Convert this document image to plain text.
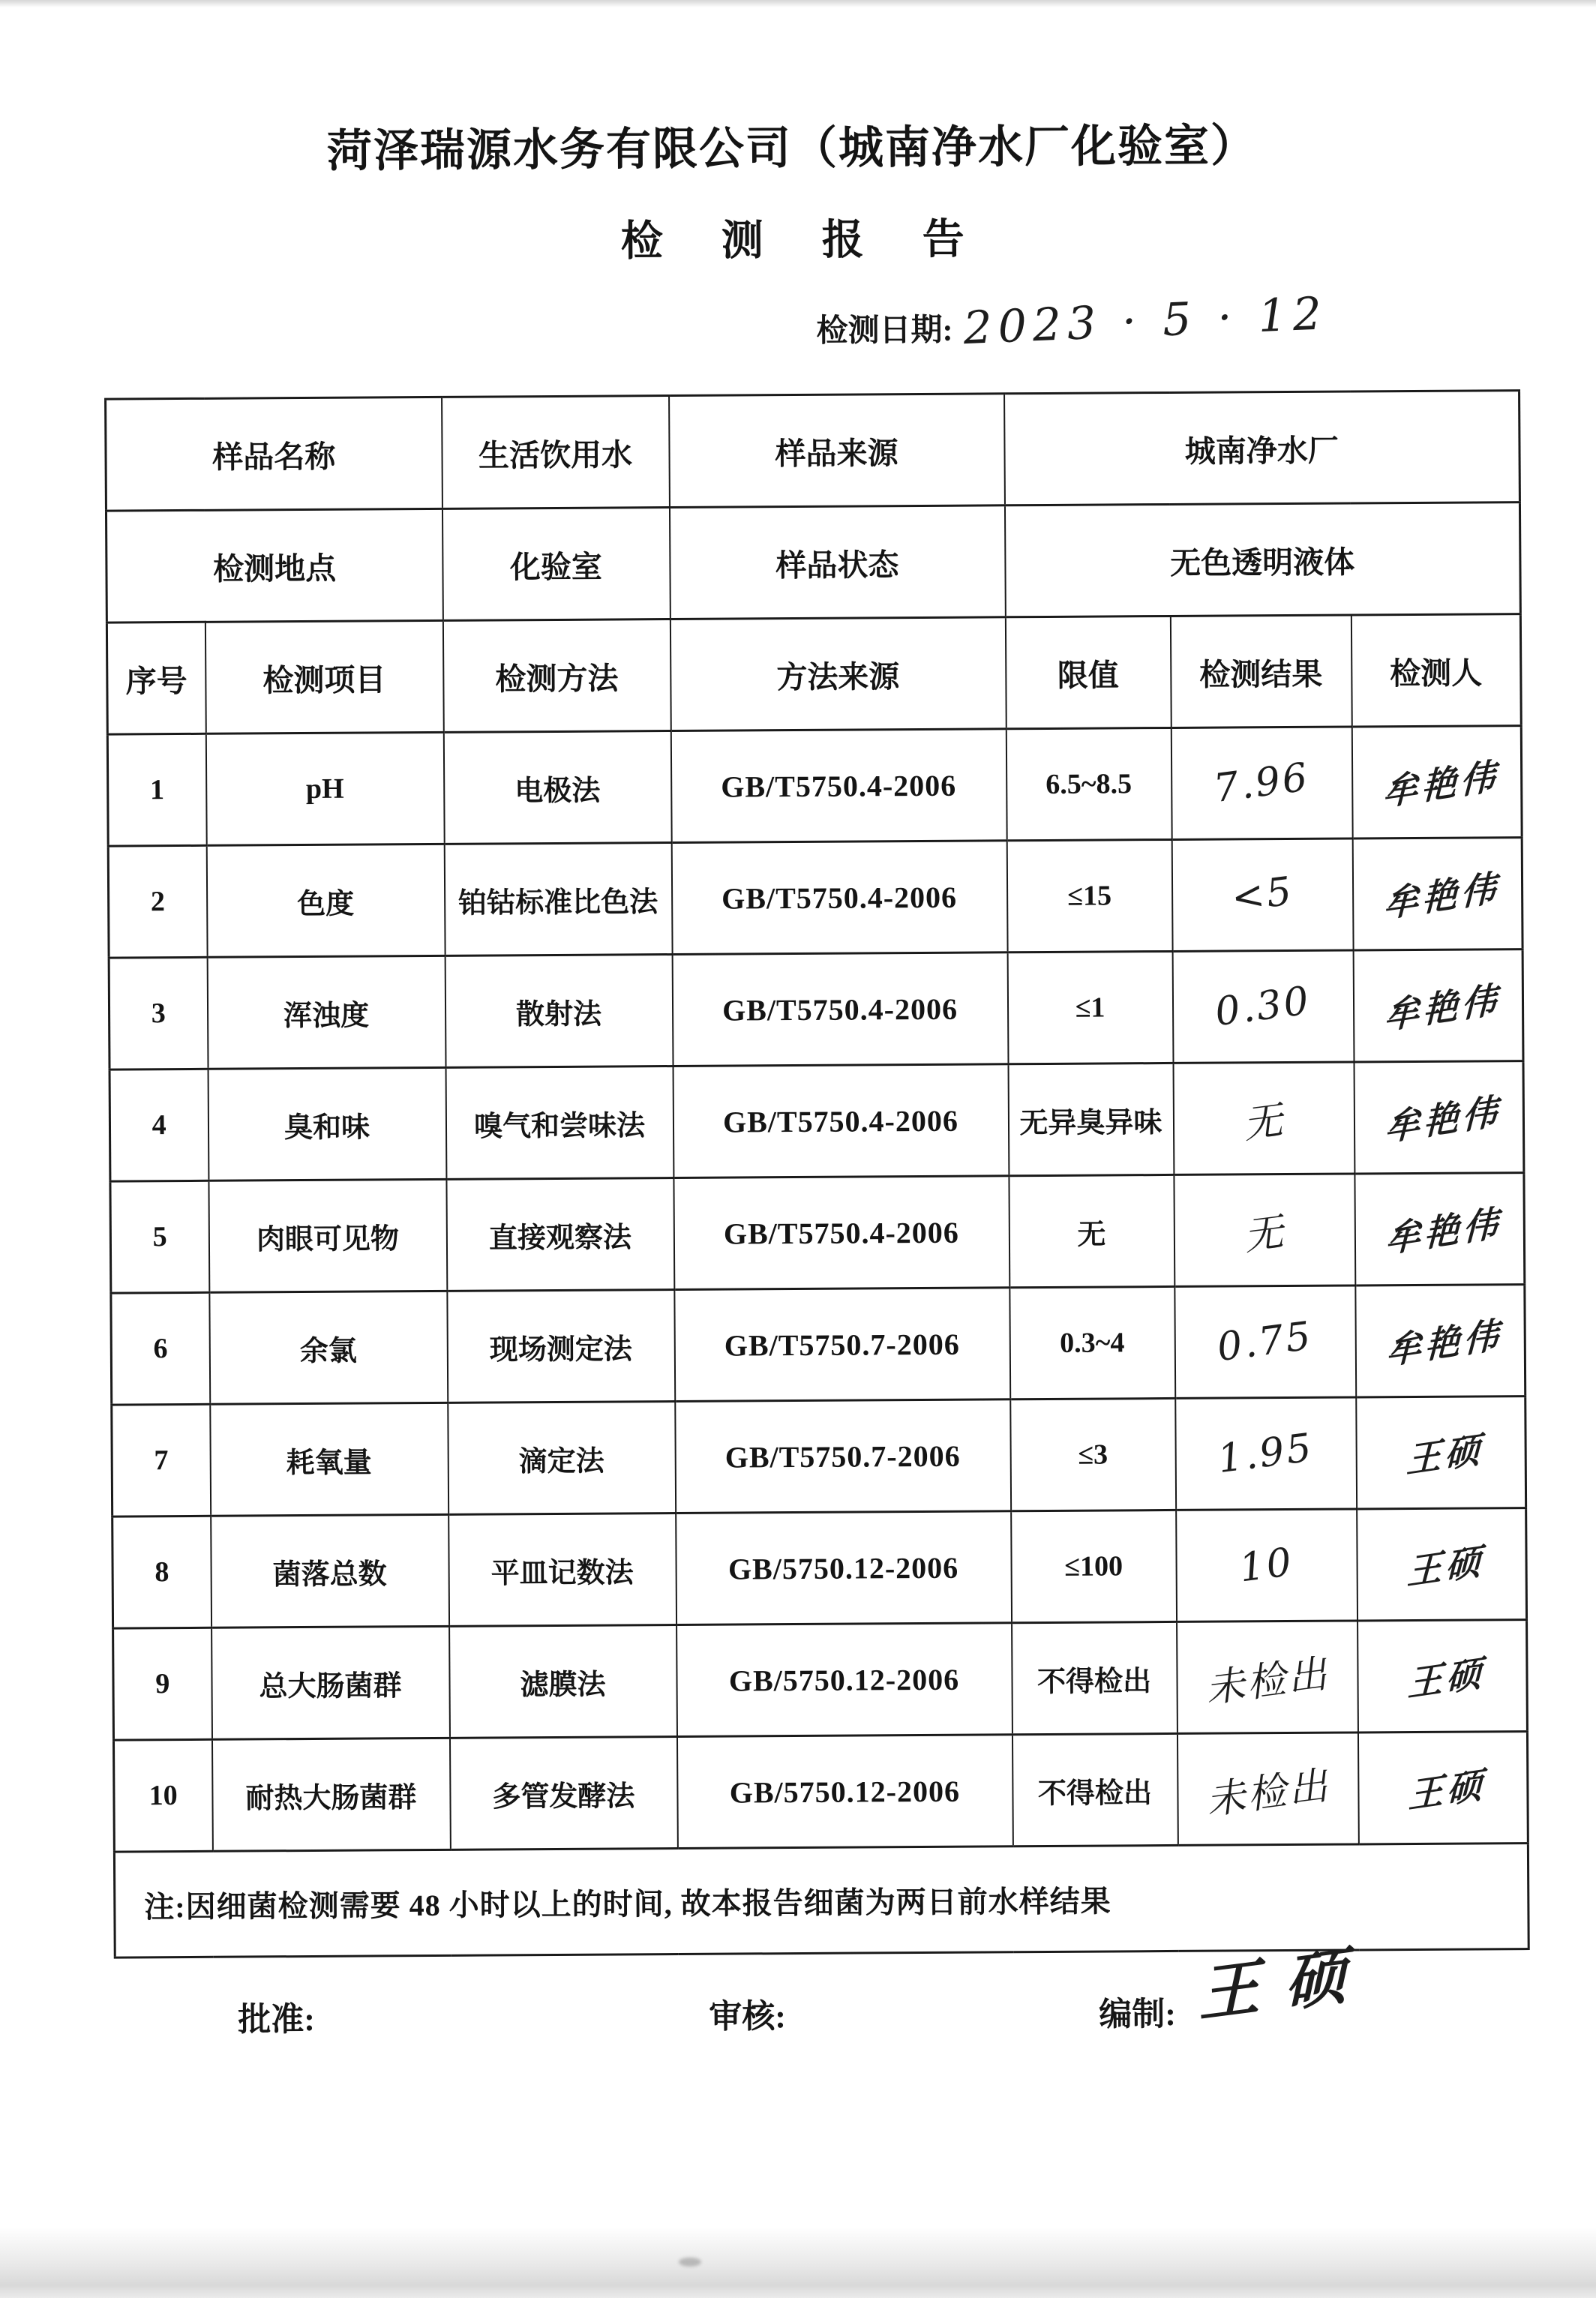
菏泽瑞源水务有限公司（城南净水厂化验室）
检测报告
检测日期: 2023 · 5 · 12
样品名称		生活饮用水	样品来源	城南净水厂		
检测地点		化验室	样品状态	无色透明液体		
序号	检测项目	检测方法	方法来源	限值	检测结果	检测人
1	pH	电极法	GB/T5750.4-2006	6.5~8.5	7.96	牟艳伟
2	色度	铂钴标准比色法	GB/T5750.4-2006	≤15	<5	牟艳伟
3	浑浊度	散射法	GB/T5750.4-2006	≤1	0.30	牟艳伟
4	臭和味	嗅气和尝味法	GB/T5750.4-2006	无异臭异味	无	牟艳伟
5	肉眼可见物	直接观察法	GB/T5750.4-2006	无	无	牟艳伟
6	余氯	现场测定法	GB/T5750.7-2006	0.3~4	0.75	牟艳伟
7	耗氧量	滴定法	GB/T5750.7-2006	≤3	1.95	王硕
8	菌落总数	平皿记数法	GB/5750.12-2006	≤100	10	王硕
9	总大肠菌群	滤膜法	GB/5750.12-2006	不得检出	未检出	王硕
10	耐热大肠菌群	多管发酵法	GB/5750.12-2006	不得检出	未检出	王硕
注:因细菌检测需要 48 小时以上的时间, 故本报告细菌为两日前水样结果						
批准:	审核:	编制: 王硕
